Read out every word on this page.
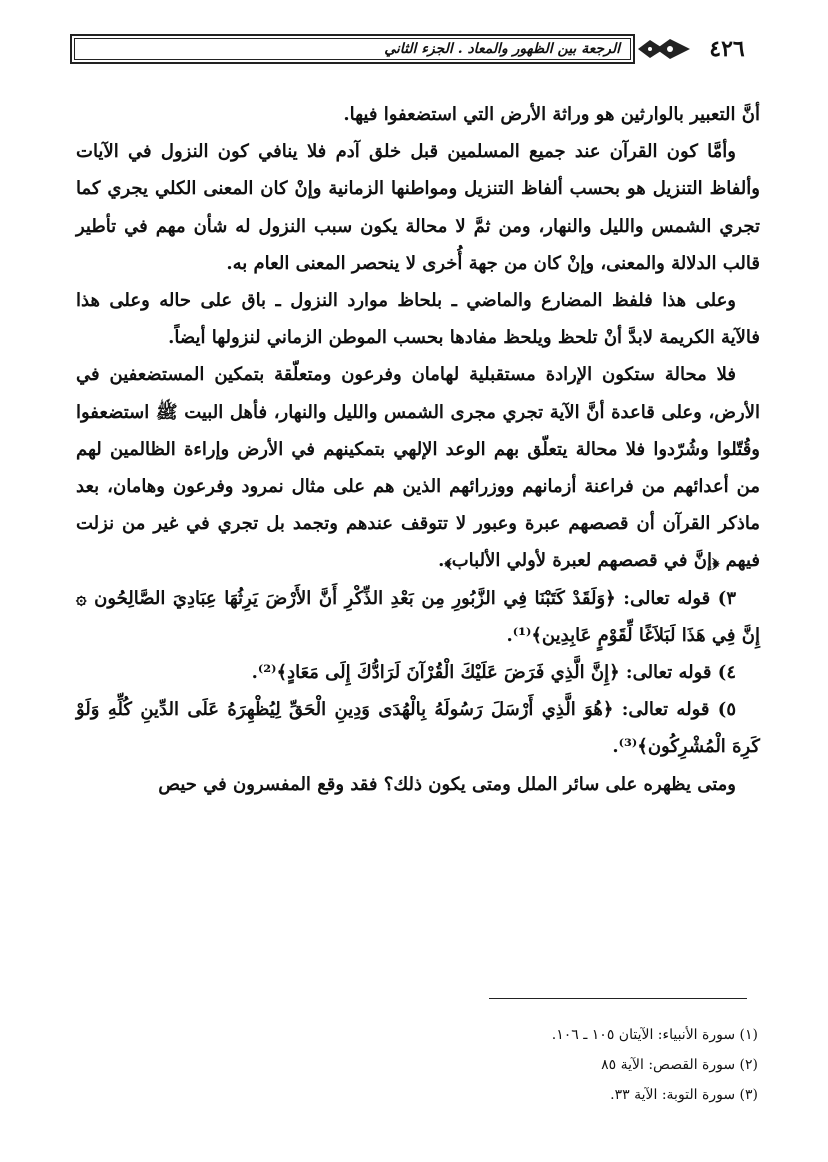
الرجعة بين الظهور والمعاد . الجزء الثاني	٤٢٦

أنَّ التعبير بالوارثين هو وراثة الأرض التي استضعفوا فيها.

وأمَّا كون القرآن عند جميع المسلمين قبل خلق آدم فلا ينافي كون النزول في الآيات وألفاظ التنزيل هو بحسب ألفاظ التنزيل ومواطنها الزمانية وإنْ كان المعنى الكلي يجري كما تجري الشمس والليل والنهار، ومن ثمَّ لا محالة يكون سبب النزول له شأن مهم في تأطير قالب الدلالة والمعنى، وإنْ كان من جهة أُخرى لا ينحصر المعنى العام به.

وعلى هذا فلفظ المضارع والماضي ـ بلحاظ موارد النزول ـ باق على حاله وعلى هذا فالآية الكريمة لابدَّ أنْ تلحظ ويلحظ مفادها بحسب الموطن الزماني لنزولها أيضاً.

فلا محالة ستكون الإرادة مستقبلية لهامان وفرعون ومتعلّقة بتمكين المستضعفين في الأرض، وعلى قاعدة أنَّ الآية تجري مجرى الشمس والليل والنهار، فأهل البيت ﷺ استضعفوا وقُتّلوا وشُرّدوا فلا محالة يتعلّق بهم الوعد الإلهي بتمكينهم في الأرض وإراءة الظالمين لهم من أعدائهم من فراعنة أزمانهم ووزرائهم الذين هم على مثال نمرود وفرعون وهامان، بعد ماذكر القرآن أن قصصهم عبرة وعبور لا تتوقف عندهم وتجمد بل تجري في غير من نزلت فيهم ﴿إنَّ في قصصهم لعبرة لأولي الألباب﴾.

٣) قوله تعالى: ﴿وَلَقَدْ كَتَبْنَا فِي الزَّبُورِ مِن بَعْدِ الذِّكْرِ أَنَّ الأَرْضَ يَرِثُهَا عِبَادِيَ الصَّالِحُون ۞ إِنَّ فِي هَذَا لَبَلاَغًا لِّقَوْمٍ عَابِدِين﴾⁽¹⁾.

٤) قوله تعالى: ﴿إِنَّ الَّذِي فَرَضَ عَلَيْكَ الْقُرْآنَ لَرَادُّكَ إِلَى مَعَادٍ﴾⁽²⁾.

٥) قوله تعالى: ﴿هُوَ الَّذِي أَرْسَلَ رَسُولَهُ بِالْهُدَى وَدِينِ الْحَقِّ لِيُظْهِرَهُ عَلَى الدِّينِ كُلِّهِ وَلَوْ كَرِهَ الْمُشْرِكُون﴾⁽³⁾.

ومتى يظهره على سائر الملل ومتى يكون ذلك؟ فقد وقع المفسرون في حيص

(١) سورة الأنبياء: الآيتان ١٠٥ ـ ١٠٦.
(٢) سورة القصص: الآية ٨٥
(٣) سورة التوبة: الآية ٣٣.
